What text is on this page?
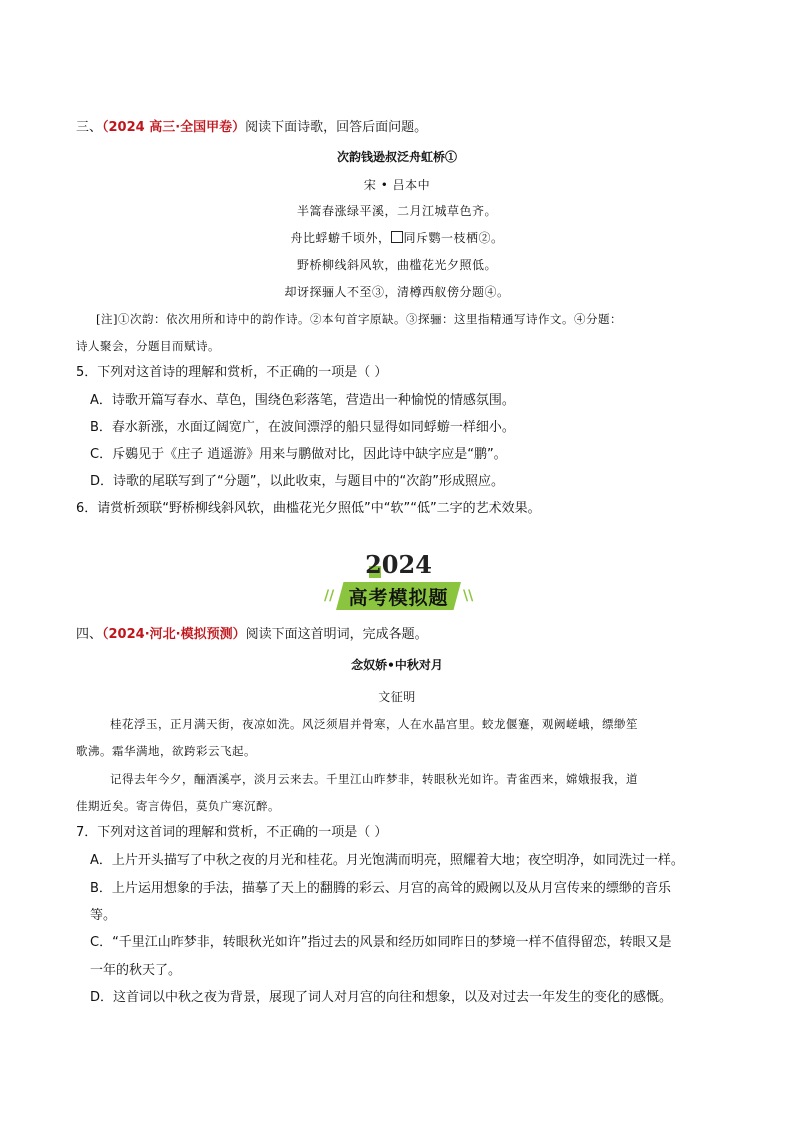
三、（2024 高三·全国甲卷）阅读下面诗歌，回答后面问题。
次韵钱逊叔泛舟虹桥①
宋 • 吕本中
半篙春涨绿平溪，二月江城草色齐。
舟比蜉蝣千顷外， 同斥鹦一枝栖②。
野桥柳线斜风软，曲槛花光夕照低。
却讶探骊人不至③，清樽西舣傍分题④。
[注]①次韵：依次用所和诗中的韵作诗。②本句首字原缺。③探骊：这里指精通写诗作文。④分题：
诗人聚会，分题目而赋诗。
5．下列对这首诗的理解和赏析，不正确的一项是（ ）
A．诗歌开篇写春水、草色，围绕色彩落笔，营造出一种愉悦的情感氛围。
B．春水新涨，水面辽阔宽广，在波间漂浮的船只显得如同蜉蝣一样细小。
C．斥鷃见于《庄子 逍遥游》用来与鹏做对比，因此诗中缺字应是“鹏”。
D．诗歌的尾联写到了“分题”，以此收束，与题目中的“次韵”形成照应。
6．请赏析颈联“野桥柳线斜风软，曲槛花光夕照低”中“软”“低”二字的艺术效果。
2024
高考模拟题
//	\\
四、（2024·河北·模拟预测）阅读下面这首明词，完成各题。
念奴娇•中秋对月
文征明
桂花浮玉，正月满天街，夜凉如洗。风泛须眉并骨寒，人在水晶宫里。蛟龙偃蹇，观阙嵯峨，缥缈笙
歌沸。霜华满地，欲跨彩云飞起。
记得去年今夕，酾酒溪亭，淡月云来去。千里江山昨梦非，转眼秋光如许。青雀西来，嫦娥报我，道
佳期近矣。寄言俦侣，莫负广寒沉醉。
7．下列对这首词的理解和赏析，不正确的一项是（ ）
A．上片开头描写了中秋之夜的月光和桂花。月光饱满而明亮，照耀着大地；夜空明净，如同洗过一样。
B．上片运用想象的手法，描摹了天上的翻腾的彩云、月宫的高耸的殿阙以及从月宫传来的缥缈的音乐
等。
C．“千里江山昨梦非，转眼秋光如许”指过去的风景和经历如同昨日的梦境一样不值得留恋，转眼又是
一年的秋天了。
D．这首词以中秋之夜为背景，展现了词人对月宫的向往和想象，以及对过去一年发生的变化的感慨。
